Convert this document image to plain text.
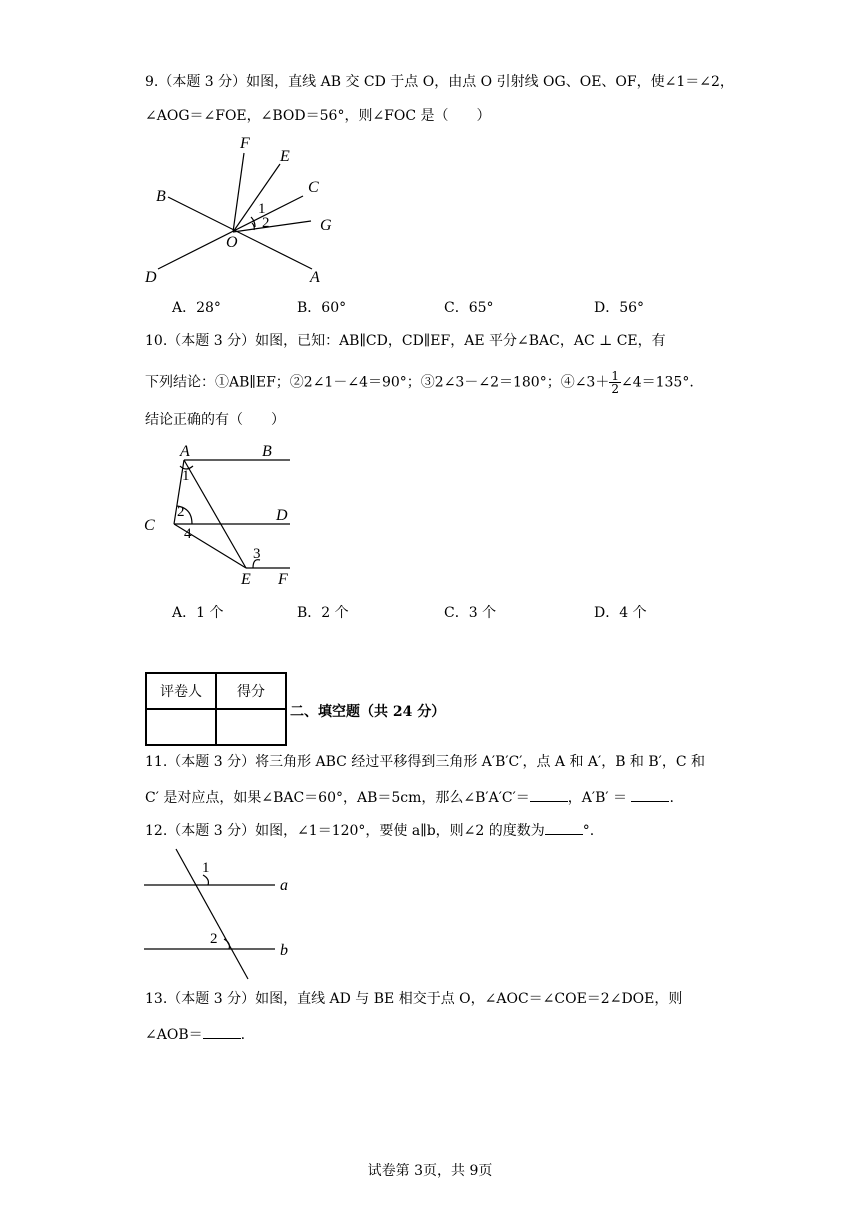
9.（本题 3 分）如图，直线 AB 交 CD 于点 O，由点 O 引射线 OG、OE、OF，使∠1＝∠2，
∠AOG＝∠FOE，∠BOD＝56°，则∠FOC 是（　　）
F
E
C
B
G
O
D	A
1
2
A．28°	B．60°	C．65°	D．56°
10.（本题 3 分）如图，已知：AB∥CD，CD∥EF，AE 平分∠BAC，AC ⊥ CE，有
下列结论：①AB∥EF；②2∠1－∠4＝90°；③2∠3－∠2＝180°；④∠3＋ $\frac{1}{2}$ ∠4＝135°.
结论正确的有（　　）
A	B
C
D
E F
1
2
3
4
A．1 个	B．2 个	C．3 个	D．4 个
评卷人	得分

二、填空题（共 24 分）
11.（本题 3 分）将三角形 ABC 经过平移得到三角形 A′B′C′，点 A 和 A′，B 和 B′，C 和
C′ 是对应点，如果∠BAC＝60°，AB＝5cm，那么∠B′A′C′＝	，A′B′ ＝	.
12.（本题 3 分）如图，∠1＝120°，要使 a∥b，则∠2 的度数为	°.
a
b
1
2
13.（本题 3 分）如图，直线 AD 与 BE 相交于点 O，∠AOC＝∠COE＝2∠DOE，则
∠AOB＝	.
试卷第 3页，共 9页
